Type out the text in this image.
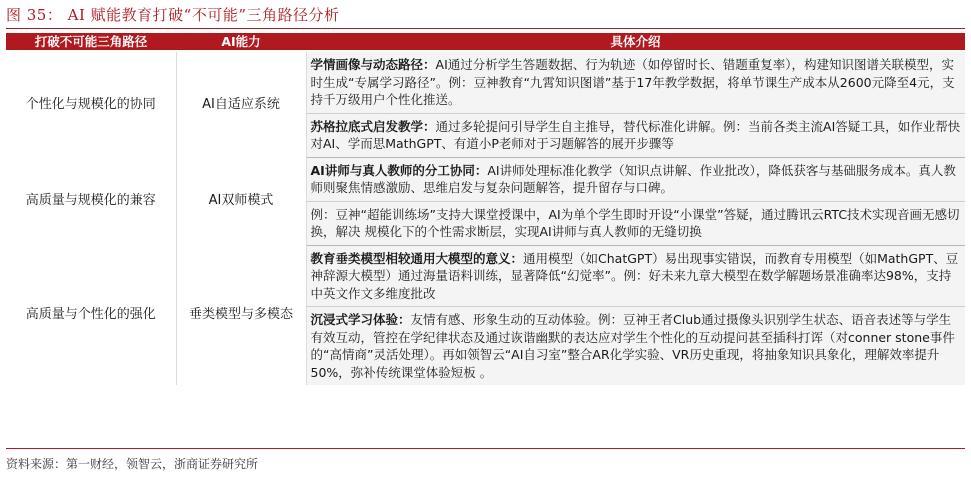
图 35： AI 赋能教育打破“不可能”三角路径分析
打破不可能三角路径	AI能力	具体介绍
个性化与规模化的协同	AI自适应系统	学情画像与动态路径：AI通过分析学生答题数据、行为轨迹（如停留时长、错题重复率），构建知识图谱关联模型，实时生成“专属学习路径”。例：豆神教育“九霄知识图谱”基于17年教学数据，将单节课生产成本从2600元降至4元，支持千万级用户个性化推送。
		苏格拉底式启发教学：通过多轮提问引导学生自主推导，替代标准化讲解。例：当前各类主流AI答疑工具，如作业帮快对AI、学而思MathGPT、有道小P老师对于习题解答的展开步骤等
高质量与规模化的兼容	AI双师模式	AI讲师与真人教师的分工协同：AI讲师处理标准化教学（知识点讲解、作业批改），降低获客与基础服务成本。真人教师则聚焦情感激励、思维启发与复杂问题解答，提升留存与口碑。
		例：豆神“超能训练场”支持大课堂授课中，AI为单个学生即时开设“小课堂”答疑，通过腾讯云RTC技术实现音画无感切换，解决 规模化下的个性需求断层，实现AI讲师与真人教师的无缝切换
高质量与个性化的强化	垂类模型与多模态	教育垂类模型相较通用大模型的意义：通用模型（如ChatGPT）易出现事实错误，而教育专用模型（如MathGPT、豆神辞源大模型）通过海量语料训练，显著降低“幻觉率”。例：好未来九章大模型在数学解题场景准确率达98%，支持中英文作文多维度批改
		沉浸式学习体验：友情有感、形象生动的互动体验。例：豆神王者Club通过摄像头识别学生状态、语音表述等与学生有效互动，管控在学纪律状态及通过诙谐幽默的表达应对学生个性化的互动提问甚至插科打诨（对conner stone事件的“高情商”灵活处理）。再如领智云“AI自习室”整合AR化学实验、VR历史重现，将抽象知识具象化，理解效率提升50%，弥补传统课堂体验短板 。
资料来源：第一财经，领智云，浙商证券研究所
